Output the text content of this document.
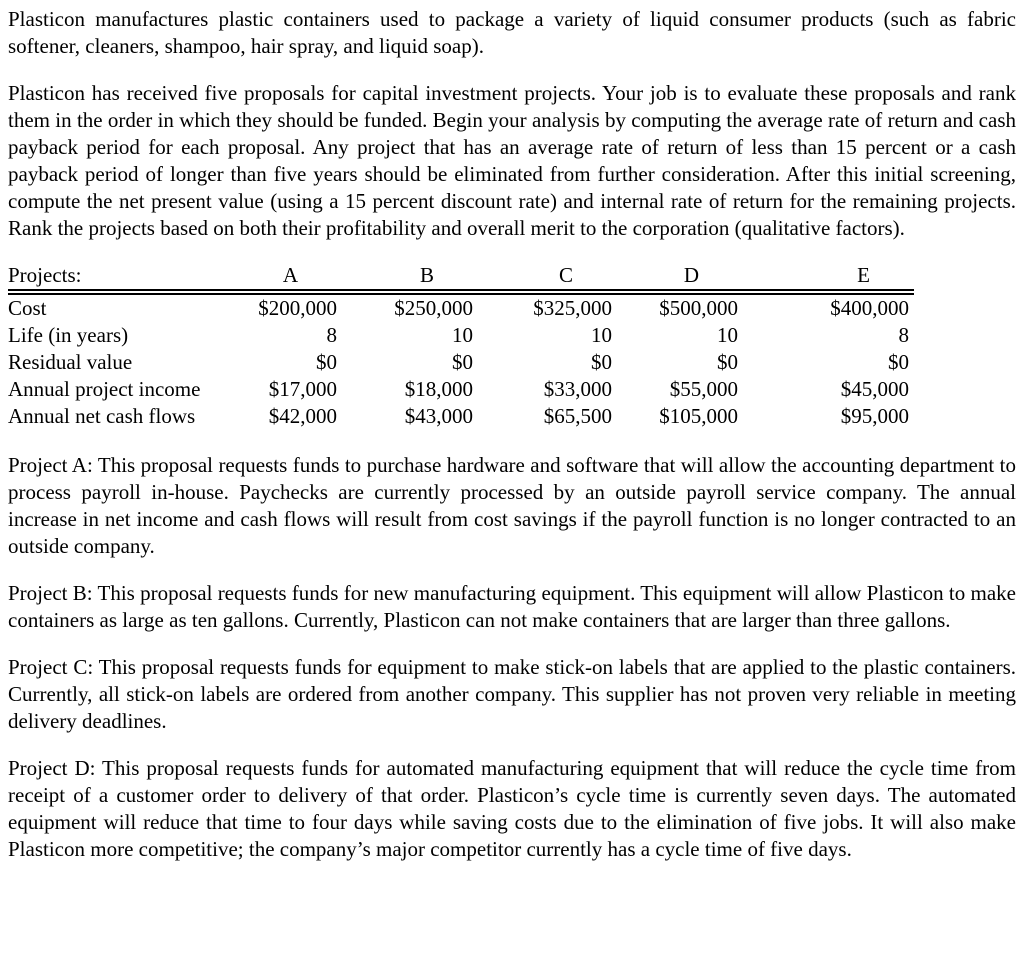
Plasticon manufactures plastic containers used to package a variety of liquid consumer products (such as fabric softener, cleaners, shampoo, hair spray, and liquid soap).

Plasticon has received five proposals for capital investment projects. Your job is to evaluate these proposals and rank them in the order in which they should be funded. Begin your analysis by computing the average rate of return and cash payback period for each proposal. Any project that has an average rate of return of less than 15 percent or a cash payback period of longer than five years should be eliminated from further consideration. After this initial screening, compute the net present value (using a 15 percent discount rate) and internal rate of return for the remaining projects. Rank the projects based on both their profitability and overall merit to the corporation (qualitative factors).

Projects:	A	B	C	D	E
Cost	$200,000	$250,000	$325,000	$500,000	$400,000
Life (in years)	8	10	10	10	8
Residual value	$0	$0	$0	$0	$0
Annual project income	$17,000	$18,000	$33,000	$55,000	$45,000
Annual net cash flows	$42,000	$43,000	$65,500	$105,000	$95,000

Project A: This proposal requests funds to purchase hardware and software that will allow the accounting department to process payroll in-house. Paychecks are currently processed by an outside payroll service company. The annual increase in net income and cash flows will result from cost savings if the payroll function is no longer contracted to an outside company.

Project B: This proposal requests funds for new manufacturing equipment. This equipment will allow Plasticon to make containers as large as ten gallons. Currently, Plasticon can not make containers that are larger than three gallons.

Project C: This proposal requests funds for equipment to make stick-on labels that are applied to the plastic containers. Currently, all stick-on labels are ordered from another company. This supplier has not proven very reliable in meeting delivery deadlines.

Project D: This proposal requests funds for automated manufacturing equipment that will reduce the cycle time from receipt of a customer order to delivery of that order. Plasticon’s cycle time is currently seven days. The automated equipment will reduce that time to four days while saving costs due to the elimination of five jobs. It will also make Plasticon more competitive; the company’s major competitor currently has a cycle time of five days.
